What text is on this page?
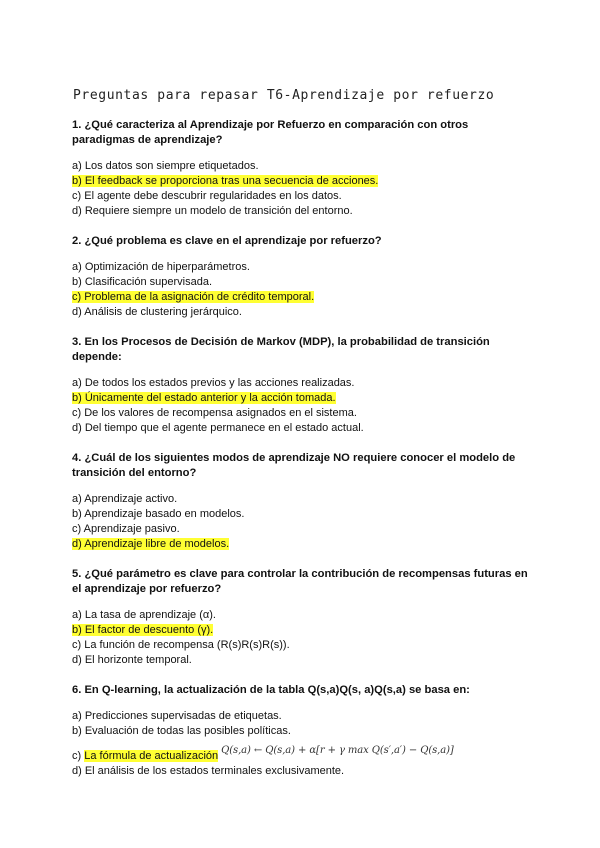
Preguntas para repasar T6-Aprendizaje por refuerzo

1. ¿Qué caracteriza al Aprendizaje por Refuerzo en comparación con otros paradigmas de aprendizaje?

a) Los datos son siempre etiquetados.

b) El feedback se proporciona tras una secuencia de acciones.

c) El agente debe descubrir regularidades en los datos.

d) Requiere siempre un modelo de transición del entorno.

2. ¿Qué problema es clave en el aprendizaje por refuerzo?

a) Optimización de hiperparámetros.

b) Clasificación supervisada.

c) Problema de la asignación de crédito temporal.

d) Análisis de clustering jerárquico.

3. En los Procesos de Decisión de Markov (MDP), la probabilidad de transición depende:

a) De todos los estados previos y las acciones realizadas.

b) Únicamente del estado anterior y la acción tomada.

c) De los valores de recompensa asignados en el sistema.

d) Del tiempo que el agente permanece en el estado actual.

4. ¿Cuál de los siguientes modos de aprendizaje NO requiere conocer el modelo de transición del entorno?

a) Aprendizaje activo.

b) Aprendizaje basado en modelos.

c) Aprendizaje pasivo.

d) Aprendizaje libre de modelos.

5. ¿Qué parámetro es clave para controlar la contribución de recompensas futuras en el aprendizaje por refuerzo?

a) La tasa de aprendizaje (α).

b) El factor de descuento (γ).

c) La función de recompensa (R(s)R(s)R(s)).

d) El horizonte temporal.

6. En Q-learning, la actualización de la tabla Q(s,a)Q(s, a)Q(s,a) se basa en:

a) Predicciones supervisadas de etiquetas.

b) Evaluación de todas las posibles políticas.

c) La fórmula de actualización Q(s,a) ← Q(s,a) + α[r + γ max Q(s′,a′) − Q(s,a)]

d) El análisis de los estados terminales exclusivamente.
